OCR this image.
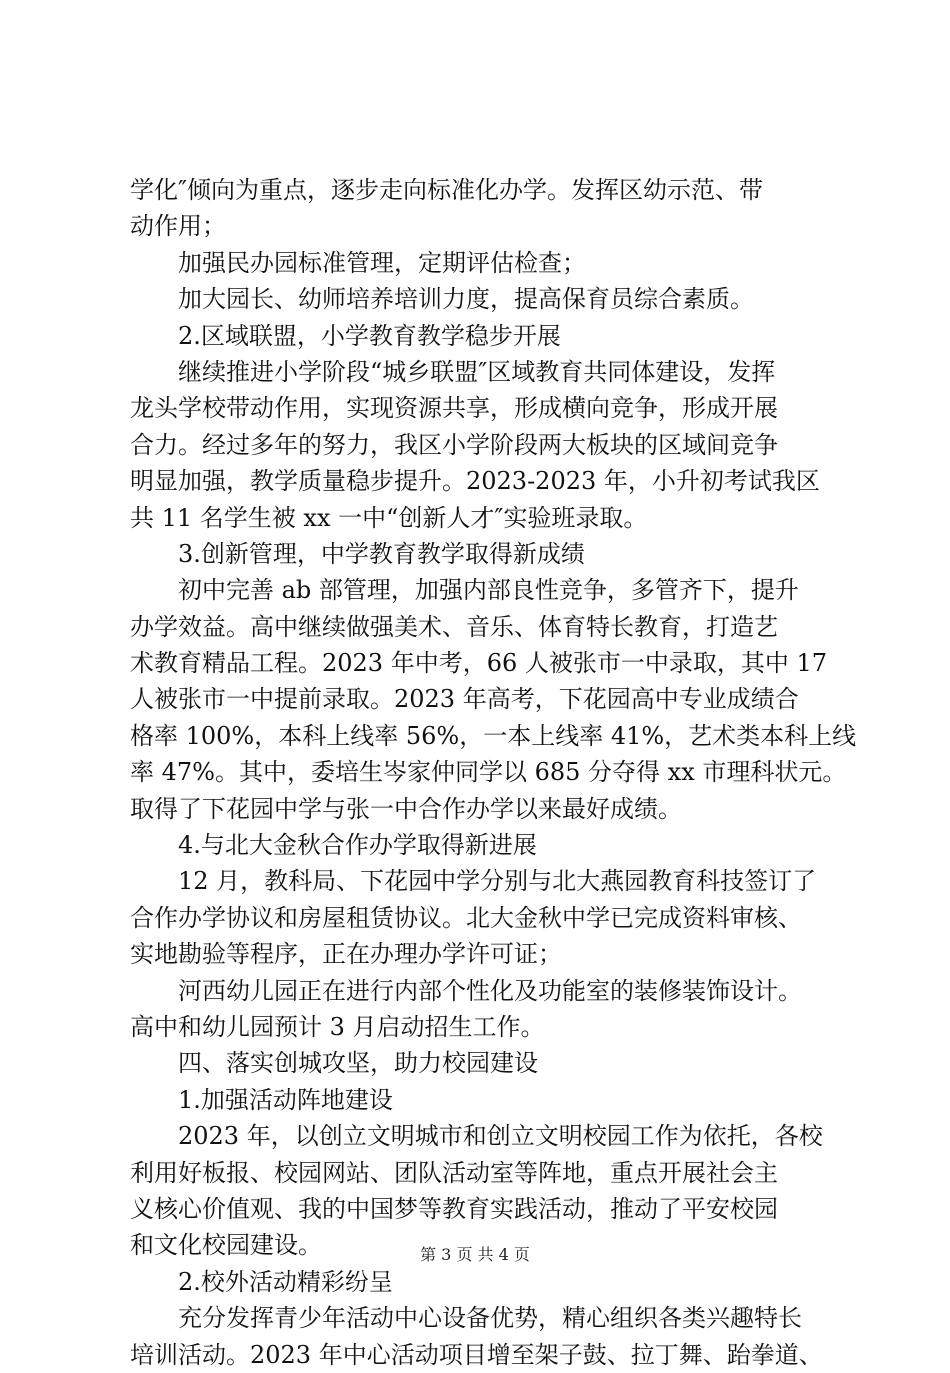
学化″倾向为重点，逐步走向标准化办学。发挥区幼示范、带
动作用；
加强民办园标准管理，定期评估检查；
加大园长、幼师培养培训力度，提高保育员综合素质。
2.区域联盟，小学教育教学稳步开展
继续推进小学阶段“城乡联盟″区域教育共同体建设，发挥
龙头学校带动作用，实现资源共享，形成横向竞争，形成开展
合力。经过多年的努力，我区小学阶段两大板块的区域间竞争
明显加强，教学质量稳步提升。2023-2023 年，小升初考试我区
共 11 名学生被 xx 一中“创新人才″实验班录取。
3.创新管理，中学教育教学取得新成绩
初中完善 ab 部管理，加强内部良性竞争，多管齐下，提升
办学效益。高中继续做强美术、音乐、体育特长教育，打造艺
术教育精品工程。2023 年中考，66 人被张市一中录取，其中 17
人被张市一中提前录取。2023 年高考，下花园高中专业成绩合
格率 100%，本科上线率 56%，一本上线率 41%，艺术类本科上线
率 47%。其中，委培生岑家仲同学以 685 分夺得 xx 市理科状元。
取得了下花园中学与张一中合作办学以来最好成绩。
4.与北大金秋合作办学取得新进展
12 月，教科局、下花园中学分别与北大燕园教育科技签订了
合作办学协议和房屋租赁协议。北大金秋中学已完成资料审核、
实地勘验等程序，正在办理办学许可证；
河西幼儿园正在进行内部个性化及功能室的装修装饰设计。
高中和幼儿园预计 3 月启动招生工作。
四、落实创城攻坚，助力校园建设
1.加强活动阵地建设
2023 年，以创立文明城市和创立文明校园工作为依托，各校
利用好板报、校园网站、团队活动室等阵地，重点开展社会主
义核心价值观、我的中国梦等教育实践活动，推动了平安校园
和文化校园建设。
2.校外活动精彩纷呈
充分发挥青少年活动中心设备优势，精心组织各类兴趣特长
培训活动。2023 年中心活动项目增至架子鼓、拉丁舞、跆拳道、
第 3 页 共 4 页
